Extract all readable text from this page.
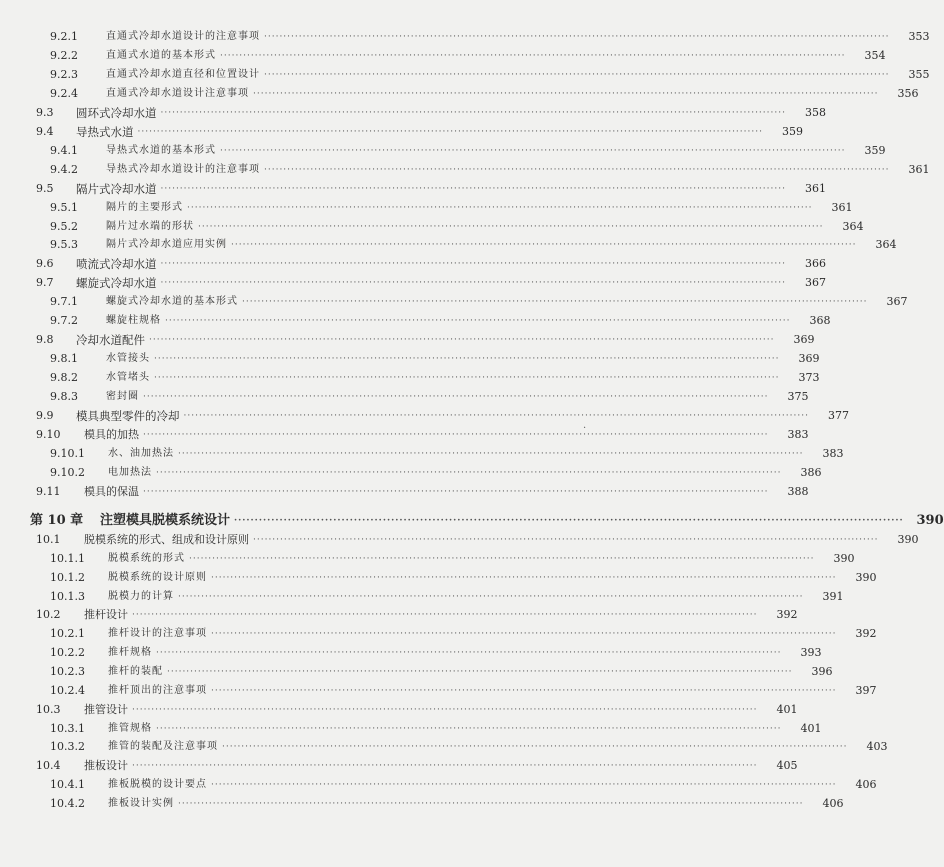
9.2.1	直通式冷却水道设计的注意事项 ·····	353
9.2.2	直通式水道的基本形式 ·····	354
9.2.3	直通式冷却水道直径和位置设计 ·····	355
9.2.4	直通式冷却水道设计注意事项 ·····	356
9.3	圆环式冷却水道 ·····	358
9.4	导热式水道 ·····	359
9.4.1	导热式水道的基本形式 ·····	359
9.4.2	导热式冷却水道设计的注意事项 ·····	361
9.5	隔片式冷却水道 ·····	361
9.5.1	隔片的主要形式 ·····	361
9.5.2	隔片过水端的形状 ·····	364
9.5.3	隔片式冷却水道应用实例 ·····	364
9.6	喷流式冷却水道 ·····	366
9.7	螺旋式冷却水道 ·····	367
9.7.1	螺旋式冷却水道的基本形式 ·····	367
9.7.2	螺旋柱规格 ·····	368
9.8	冷却水道配件 ·····	369
9.8.1	水管接头 ·····	369
9.8.2	水管堵头 ·····	373
9.8.3	密封圈 ·····	375
9.9	模具典型零件的冷却 ·····	377
9.10	模具的加热 ·····	383
9.10.1	水、油加热法 ·····	383
9.10.2	电加热法 ·····	386
9.11	模具的保温 ·····	388
第 10 章	注塑模具脱模系统设计 ·····	390
10.1	脱模系统的形式、组成和设计原则 ·····	390
10.1.1	脱模系统的形式 ·····	390
10.1.2	脱模系统的设计原则 ·····	390
10.1.3	脱模力的计算 ·····	391
10.2	推杆设计 ·····	392
10.2.1	推杆设计的注意事项 ·····	392
10.2.2	推杆规格 ·····	393
10.2.3	推杆的装配 ·····	396
10.2.4	推杆顶出的注意事项 ·····	397
10.3	推管设计 ·····	401
10.3.1	推管规格 ·····	401
10.3.2	推管的装配及注意事项 ·····	403
10.4	推板设计 ·····	405
10.4.1	推板脱模的设计要点 ·····	406
10.4.2	推板设计实例 ·····	406
·
